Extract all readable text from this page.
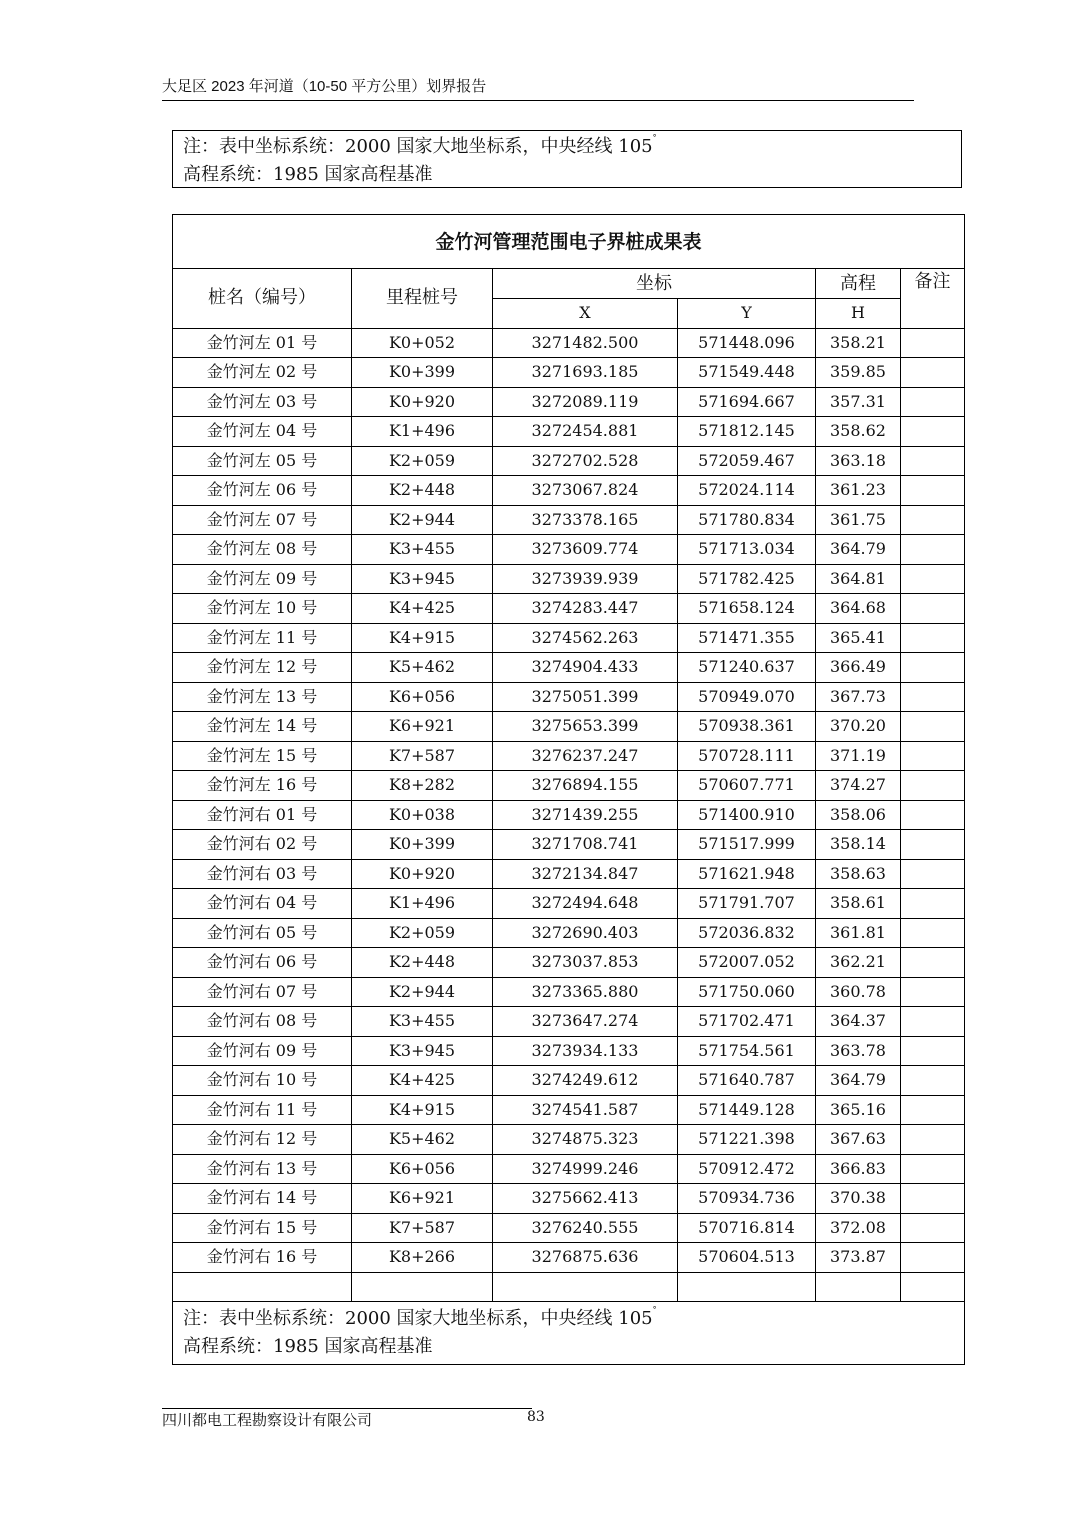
大足区 2023 年河道（10-50 平方公里）划界报告
注：表中坐标系统：2000 国家大地坐标系，中央经线 105°
高程系统：1985 国家高程基准
金竹河管理范围电子界桩成果表					
桩名（编号）	里程桩号	坐标		高程	备注
		X	Y	H	
金竹河左 01 号	K0+052	3271482.500	571448.096	358.21	
金竹河左 02 号	K0+399	3271693.185	571549.448	359.85	
金竹河左 03 号	K0+920	3272089.119	571694.667	357.31	
金竹河左 04 号	K1+496	3272454.881	571812.145	358.62	
金竹河左 05 号	K2+059	3272702.528	572059.467	363.18	
金竹河左 06 号	K2+448	3273067.824	572024.114	361.23	
金竹河左 07 号	K2+944	3273378.165	571780.834	361.75	
金竹河左 08 号	K3+455	3273609.774	571713.034	364.79	
金竹河左 09 号	K3+945	3273939.939	571782.425	364.81	
金竹河左 10 号	K4+425	3274283.447	571658.124	364.68	
金竹河左 11 号	K4+915	3274562.263	571471.355	365.41	
金竹河左 12 号	K5+462	3274904.433	571240.637	366.49	
金竹河左 13 号	K6+056	3275051.399	570949.070	367.73	
金竹河左 14 号	K6+921	3275653.399	570938.361	370.20	
金竹河左 15 号	K7+587	3276237.247	570728.111	371.19	
金竹河左 16 号	K8+282	3276894.155	570607.771	374.27	
金竹河右 01 号	K0+038	3271439.255	571400.910	358.06	
金竹河右 02 号	K0+399	3271708.741	571517.999	358.14	
金竹河右 03 号	K0+920	3272134.847	571621.948	358.63	
金竹河右 04 号	K1+496	3272494.648	571791.707	358.61	
金竹河右 05 号	K2+059	3272690.403	572036.832	361.81	
金竹河右 06 号	K2+448	3273037.853	572007.052	362.21	
金竹河右 07 号	K2+944	3273365.880	571750.060	360.78	
金竹河右 08 号	K3+455	3273647.274	571702.471	364.37	
金竹河右 09 号	K3+945	3273934.133	571754.561	363.78	
金竹河右 10 号	K4+425	3274249.612	571640.787	364.79	
金竹河右 11 号	K4+915	3274541.587	571449.128	365.16	
金竹河右 12 号	K5+462	3274875.323	571221.398	367.63	
金竹河右 13 号	K6+056	3274999.246	570912.472	366.83	
金竹河右 14 号	K6+921	3275662.413	570934.736	370.38	
金竹河右 15 号	K7+587	3276240.555	570716.814	372.08	
金竹河右 16 号	K8+266	3276875.636	570604.513	373.87	

注：表中坐标系统：2000 国家大地坐标系，中央经线 105°
高程系统：1985 国家高程基准					
四川都电工程勘察设计有限公司	83
